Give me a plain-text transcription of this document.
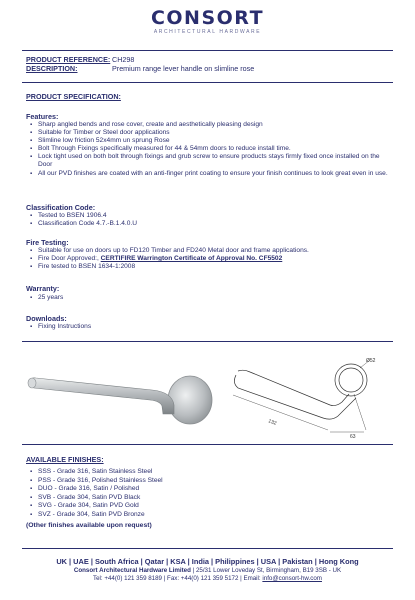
CONSORT
ARCHITECTURAL HARDWARE
PRODUCT REFERENCE: CH298
DESCRIPTION:	Premium range lever handle on slimline rose
PRODUCT SPECIFICATION:
Features:
▪ Sharp angled bends and rose cover, create and aesthetically pleasing design
▪ Suitable for Timber or Steel door applications
▪ Slimline low friction 52x4mm un sprung Rose
▪ Bolt Through Fixings specifically measured for 44 & 54mm doors to reduce install time.
▪ Lock tight used on both bolt through fixings and grub screw to ensure products stays firmly fixed once installed on the Door
▪ All our PVD finishes are coated with an anti-finger print coating to ensure your finish continues to look great even in use.
Classification Code:
▪ Tested to BSEN 1906.4
▪ Classification Code 4.7.-B.1.4.0.U
Fire Testing:
▪ Suitable for use on doors up to FD120 Timber and FD240 Metal door and frame applications.
▪ Fire Door Approved:, CERTIFIRE Warrington Certificate of Approval No. CF5502
▪ Fire tested to BSEN 1634-1:2008
Warranty:
▪ 25 years
Downloads:
▪ Fixing Instructions
132
63
Ø52
AVAILABLE FINISHES:
▪ SSS - Grade 316, Satin Stainless Steel
▪ PSS - Grade 316, Polished Stainless Steel
▪ DUO - Grade 316, Satin / Polished
▪ SVB - Grade 304, Satin PVD Black
▪ SVG - Grade 304, Satin PVD Gold
▪ SVZ - Grade 304, Satin PVD Bronze
(Other finishes available upon request)
UK | UAE | South Africa | Qatar | KSA | India | Philippines | USA | Pakistan | Hong Kong
Consort Architectural Hardware Limited | 25/31 Lower Loveday St, Birmingham, B19 3SB - UK
Tel: +44(0) 121 359 8189 | Fax: +44(0) 121 359 5172 | Email: info@consort-hw.com
